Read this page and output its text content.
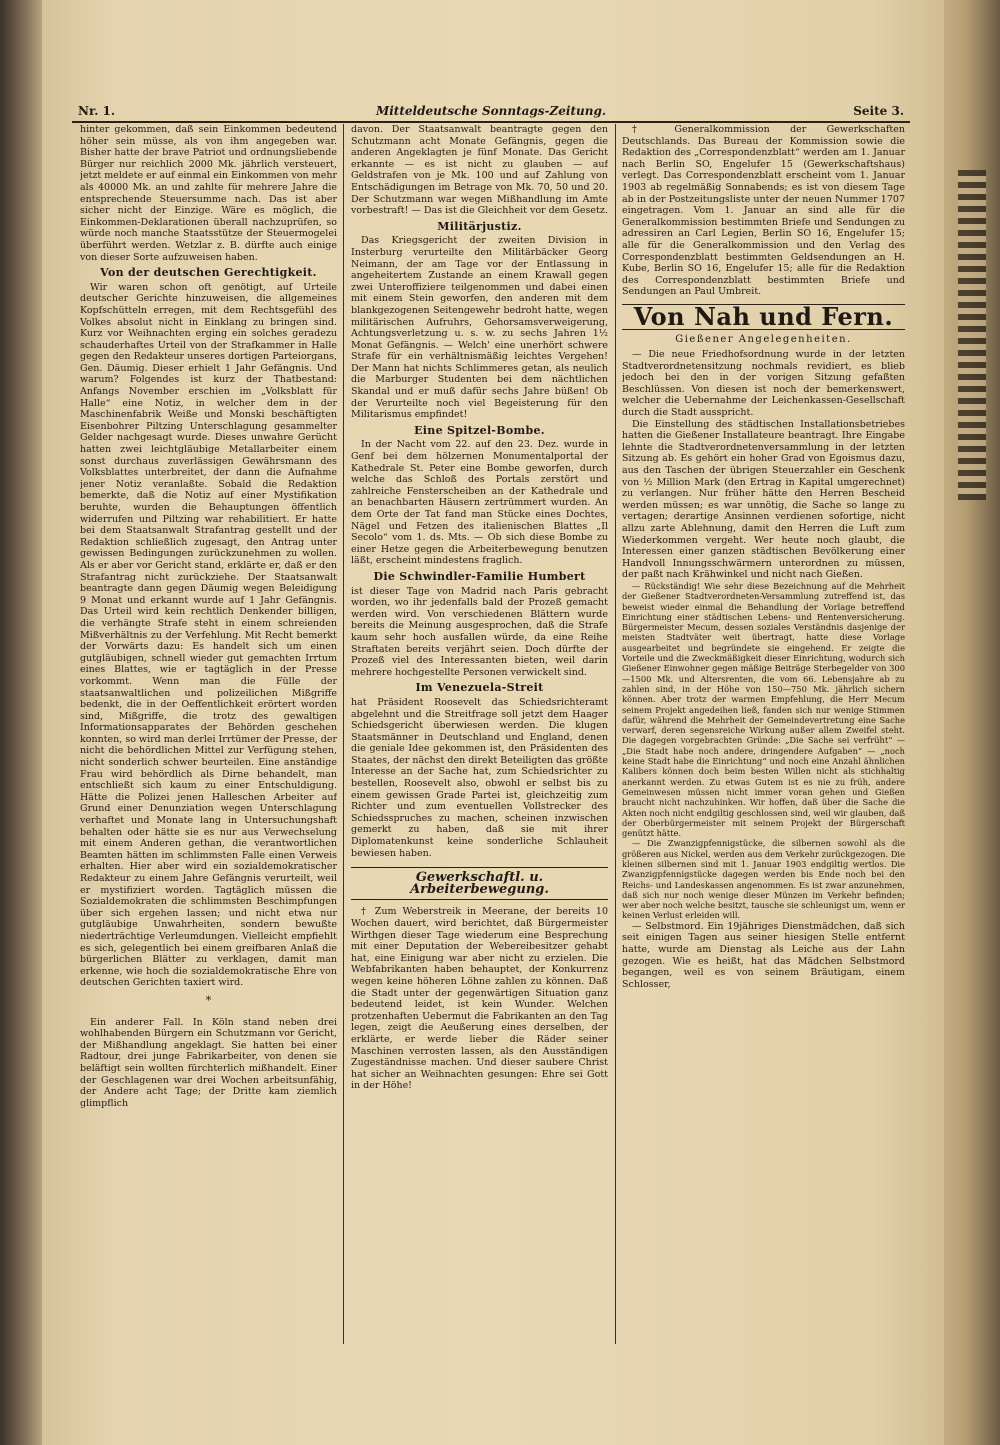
Nr. 1.	Mitteldeutsche Sonntags-Zeitung.	Seite 3.

hinter gekommen, daß sein Einkommen bedeutend höher sein müsse, als von ihm angegeben war. Bisher hatte der brave Patriot und ordnungsliebende Bürger nur reichlich 2000 Mk. jährlich versteuert, jetzt meldete er auf einmal ein Einkommen von mehr als 40000 Mk. an und zahlte für mehrere Jahre die entsprechende Steuersumme nach. Das ist aber sicher nicht der Einzige. Wäre es möglich, die Einkommen-Deklarationen überall nachzuprüfen, so würde noch manche Staatsstütze der Steuermogelei überführt werden. Wetzlar z. B. dürfte auch einige von dieser Sorte aufzuweisen haben.

Von der deutschen Gerechtigkeit.

Wir waren schon oft genötigt, auf Urteile deutscher Gerichte hinzuweisen, die allgemeines Kopfschütteln erregen, mit dem Rechtsgefühl des Volkes absolut nicht in Einklang zu bringen sind. Kurz vor Weihnachten erging ein solches geradezu schauderhaftes Urteil von der Strafkammer in Halle gegen den Redakteur unseres dortigen Parteiorgans, Gen. Däumig. Dieser erhielt 1 Jahr Gefängnis. Und warum? Folgendes ist kurz der Thatbestand: Anfangs November erschien im „Volksblatt für Halle“ eine Notiz, in welcher dem in der Maschinenfabrik Weiße und Monski beschäftigten Eisenbohrer Piltzing Unterschlagung gesammelter Gelder nachgesagt wurde. Dieses unwahre Gerücht hatten zwei leichtgläubige Metallarbeiter einem sonst durchaus zuverlässigen Gewährsmann des Volksblattes unterbreitet, der dann die Aufnahme jener Notiz veranlaßte. Sobald die Redaktion bemerkte, daß die Notiz auf einer Mystifikation beruhte, wurden die Behauptungen öffentlich widerrufen und Piltzing war rehabilitiert. Er hatte bei dem Staatsanwalt Strafantrag gestellt und der Redaktion schließlich zugesagt, den Antrag unter gewissen Bedingungen zurückzunehmen zu wollen. Als er aber vor Gericht stand, erklärte er, daß er den Strafantrag nicht zurückziehe. Der Staatsanwalt beantragte dann gegen Däumig wegen Beleidigung 9 Monat und erkannt wurde auf 1 Jahr Gefängnis. Das Urteil wird kein rechtlich Denkender billigen, die verhängte Strafe steht in einem schreienden Mißverhältnis zu der Verfehlung. Mit Recht bemerkt der Vorwärts dazu: Es handelt sich um einen gutgläubigen, schnell wieder gut gemachten Irrtum eines Blattes, wie er tagtäglich in der Presse vorkommt. Wenn man die Fülle der staatsanwaltlichen und polizeilichen Mißgriffe bedenkt, die in der Oeffentlichkeit erörtert worden sind, Mißgriffe, die trotz des gewaltigen Informationsapparates der Behörden geschehen konnten, so wird man derlei Irrtümer der Presse, der nicht die behördlichen Mittel zur Verfügung stehen, nicht sonderlich schwer beurteilen. Eine anständige Frau wird behördlich als Dirne behandelt, man entschließt sich kaum zu einer Entschuldigung. Hätte die Polizei jenen Halleschen Arbeiter auf Grund einer Denunziation wegen Unterschlagung verhaftet und Monate lang in Untersuchungshaft behalten oder hätte sie es nur aus Verwechselung mit einem Anderen gethan, die verantwortlichen Beamten hätten im schlimmsten Falle einen Verweis erhalten. Hier aber wird ein sozialdemokratischer Redakteur zu einem Jahre Gefängnis verurteilt, weil er mystifiziert worden. Tagtäglich müssen die Sozialdemokraten die schlimmsten Beschimpfungen über sich ergehen lassen; und nicht etwa nur gutgläubige Unwahrheiten, sondern bewußte niederträchtige Verleumdungen. Vielleicht empfiehlt es sich, gelegentlich bei einem greifbaren Anlaß die bürgerlichen Blätter zu verklagen, damit man erkenne, wie hoch die sozialdemokratische Ehre von deutschen Gerichten taxiert wird.

*

Ein anderer Fall. In Köln stand neben drei wohlhabenden Bürgern ein Schutzmann vor Gericht, der Mißhandlung angeklagt. Sie hatten bei einer Radtour, drei junge Fabrikarbeiter, von denen sie beläftigt sein wollten fürchterlich mißhandelt. Einer der Geschlagenen war drei Wochen arbeitsunfähig, der Andere acht Tage; der Dritte kam ziemlich glimpflich

davon. Der Staatsanwalt beantragte gegen den Schutzmann acht Monate Gefängnis, gegen die anderen Angeklagten je fünf Monate. Das Gericht erkannte — es ist nicht zu glauben — auf Geldstrafen von je Mk. 100 und auf Zahlung von Entschädigungen im Betrage von Mk. 70, 50 und 20. Der Schutzmann war wegen Mißhandlung im Amte vorbestraft! — Das ist die Gleichheit vor dem Gesetz.

Militärjustiz.

Das Kriegsgericht der zweiten Division in Insterburg verurteilte den Militärbäcker Georg Neimann, der am Tage vor der Entlassung in angeheitertem Zustande an einem Krawall gegen zwei Unteroffiziere teilgenommen und dabei einen mit einem Stein geworfen, den anderen mit dem blankgezogenen Seitengewehr bedroht hatte, wegen militärischen Aufruhrs, Gehorsamsverweigerung, Achtungsverletzung u. s. w. zu sechs Jahren 1½ Monat Gefängnis. — Welch' eine unerhört schwere Strafe für ein verhältnismäßig leichtes Vergehen! Der Mann hat nichts Schlimmeres getan, als neulich die Marburger Studenten bei dem nächtlichen Skandal und er muß dafür sechs Jahre büßen! Ob der Verurteilte noch viel Begeisterung für den Militarismus empfindet!

Eine Spitzel-Bombe.

In der Nacht vom 22. auf den 23. Dez. wurde in Genf bei dem hölzernen Monumentalportal der Kathedrale St. Peter eine Bombe geworfen, durch welche das Schloß des Portals zerstört und zahlreiche Fensterscheiben an der Kathedrale und an benachbarten Häusern zertrümmert wurden. An dem Orte der Tat fand man Stücke eines Dochtes, Nägel und Fetzen des italienischen Blattes „Il Secolo“ vom 1. ds. Mts. — Ob sich diese Bombe zu einer Hetze gegen die Arbeiterbewegung benutzen läßt, erscheint mindestens fraglich.

Die Schwindler-Familie Humbert

ist dieser Tage von Madrid nach Paris gebracht worden, wo ihr jedenfalls bald der Prozeß gemacht werden wird. Von verschiedenen Blättern wurde bereits die Meinung ausgesprochen, daß die Strafe kaum sehr hoch ausfallen würde, da eine Reihe Straftaten bereits verjährt seien. Doch dürfte der Prozeß viel des Interessanten bieten, weil darin mehrere hochgestellte Personen verwickelt sind.

Im Venezuela-Streit

hat Präsident Roosevelt das Schiedsrichteramt abgelehnt und die Streitfrage soll jetzt dem Haager Schiedsgericht überwiesen werden. Die klugen Staatsmänner in Deutschland und England, denen die geniale Idee gekommen ist, den Präsidenten des Staates, der nächst den direkt Beteiligten das größte Interesse an der Sache hat, zum Schiedsrichter zu bestellen, Roosevelt also, obwohl er selbst bis zu einem gewissen Grade Partei ist, gleichzeitig zum Richter und zum eventuellen Vollstrecker des Schiedsspruches zu machen, scheinen inzwischen gemerkt zu haben, daß sie mit ihrer Diplomatenkunst keine sonderliche Schlauheit bewiesen haben.

Gewerkschaftl. u. Arbeiterbewegung.

† Zum Weberstreik in Meerane, der bereits 10 Wochen dauert, wird berichtet, daß Bürgermeister Wirthgen dieser Tage wiederum eine Besprechung mit einer Deputation der Webereibesitzer gehabt hat, eine Einigung war aber nicht zu erzielen. Die Webfabrikanten haben behauptet, der Konkurrenz wegen keine höheren Löhne zahlen zu können. Daß die Stadt unter der gegenwärtigen Situation ganz bedeutend leidet, ist kein Wunder. Welchen protzenhaften Uebermut die Fabrikanten an den Tag legen, zeigt die Aeußerung eines derselben, der erklärte, er werde lieber die Räder seiner Maschinen verrosten lassen, als den Ausständigen Zugeständnisse machen. Und dieser saubere Christ hat sicher an Weihnachten gesungen: Ehre sei Gott in der Höhe!

† Generalkommission der Gewerkschaften Deutschlands. Das Bureau der Kommission sowie die Redaktion des „Correspondenzblatt“ werden am 1. Januar nach Berlin SO, Engelufer 15 (Gewerkschaftshaus) verlegt. Das Correspondenzblatt erscheint vom 1. Januar 1903 ab regelmäßig Sonnabends; es ist von diesem Tage ab in der Postzeitungsliste unter der neuen Nummer 1707 eingetragen. Vom 1. Januar an sind alle für die Generalkommission bestimmten Briefe und Sendungen zu adressiren an Carl Legien, Berlin SO 16, Engelufer 15; alle für die Generalkommission und den Verlag des Correspondenzblatt bestimmten Geldsendungen an H. Kube, Berlin SO 16, Engelufer 15; alle für die Redaktion des Correspondenzblatt bestimmten Briefe und Sendungen an Paul Umbreit.

Von Nah und Fern.
Gießener Angelegenheiten.

— Die neue Friedhofsordnung wurde in der letzten Stadtverordnetensitzung nochmals revidiert, es blieb jedoch bei den in der vorigen Sitzung gefaßten Beschlüssen. Von diesen ist noch der bemerkenswert, welcher die Uebernahme der Leichenkassen-Gesellschaft durch die Stadt ausspricht.

Die Einstellung des städtischen Installationsbetriebes hatten die Gießener Installateure beantragt. Ihre Eingabe lehnte die Stadtverordnetenversammlung in der letzten Sitzung ab. Es gehört ein hoher Grad von Egoismus dazu, aus den Taschen der übrigen Steuerzahler ein Geschenk von ½ Million Mark (den Ertrag in Kapital umgerechnet) zu verlangen. Nur früher hätte den Herren Bescheid werden müssen; es war unnötig, die Sache so lange zu vertagen; derartige Ansinnen verdienen sofortige, nicht allzu zarte Ablehnung, damit den Herren die Luft zum Wiederkommen vergeht. Wer heute noch glaubt, die Interessen einer ganzen städtischen Bevölkerung einer Handvoll Innungsschwärmern unterordnen zu müssen, der paßt nach Krähwinkel und nicht nach Gießen.

— Rückständig! Wie sehr diese Bezeichnung auf die Mehrheit der Gießener Stadtverordneten-Versammlung zutreffend ist, das beweist wieder einmal die Behandlung der Vorlage betreffend Einrichtung einer städtischen Lebens- und Rentenversicherung. Bürgermeister Mecum, dessen soziales Verständnis dasjenige der meisten Stadtväter weit übertragt, hatte diese Vorlage ausgearbeitet und begründete sie eingehend. Er zeigte die Vorteile und die Zweckmäßigkeit dieser Einrichtung, wodurch sich Gießener Einwohner gegen mäßige Beiträge Sterbegelder von 300—1500 Mk. und Altersrenten, die vom 66. Lebensjahre ab zu zahlen sind, in der Höhe von 150—750 Mk. jährlich sichern können. Aber trotz der warmen Empfehlung, die Herr Mecum seinem Projekt angedeihen ließ, fanden sich nur wenige Stimmen dafür, während die Mehrheit der Gemeindevertretung eine Sache verwarf, deren segensreiche Wirkung außer allem Zweifel steht. Die dagegen vorgebrachten Gründe: „Die Sache sei verfrüht“ — „Die Stadt habe noch andere, dringendere Aufgaben“ — „noch keine Stadt habe die Einrichtung“ und noch eine Anzahl ähnlichen Kalibers können doch beim besten Willen nicht als stichhaltig anerkannt werden. Zu etwas Gutem ist es nie zu früh, andere Gemeinwesen müssen nicht immer voran gehen und Gießen braucht nicht nachzuhinken. Wir hoffen, daß über die Sache die Akten noch nicht endgiltig geschlossen sind, weil wir glauben, daß der Oberbürgermeister mit seinem Projekt der Bürgerschaft genützt hätte.

— Die Zwanzigpfennigstücke, die silbernen sowohl als die größeren aus Nickel, werden aus dem Verkehr zurückgezogen. Die kleinen silbernen sind mit 1. Januar 1903 endgiltig wertlos. Die Zwanzigpfennigstücke dagegen werden bis Ende noch bei den Reichs- und Landeskassen angenommen. Es ist zwar anzunehmen, daß sich nur noch wenige dieser Münzen im Verkehr befinden; wer aber noch welche besitzt, tausche sie schleunigst um, wenn er keinen Verlust erleiden will.

— Selbstmord. Ein 19jähriges Dienstmädchen, daß sich seit einigen Tagen aus seiner hiesigen Stelle entfernt hatte, wurde am Dienstag als Leiche aus der Lahn gezogen. Wie es heißt, hat das Mädchen Selbstmord begangen, weil es von seinem Bräutigam, einem Schlosser,
